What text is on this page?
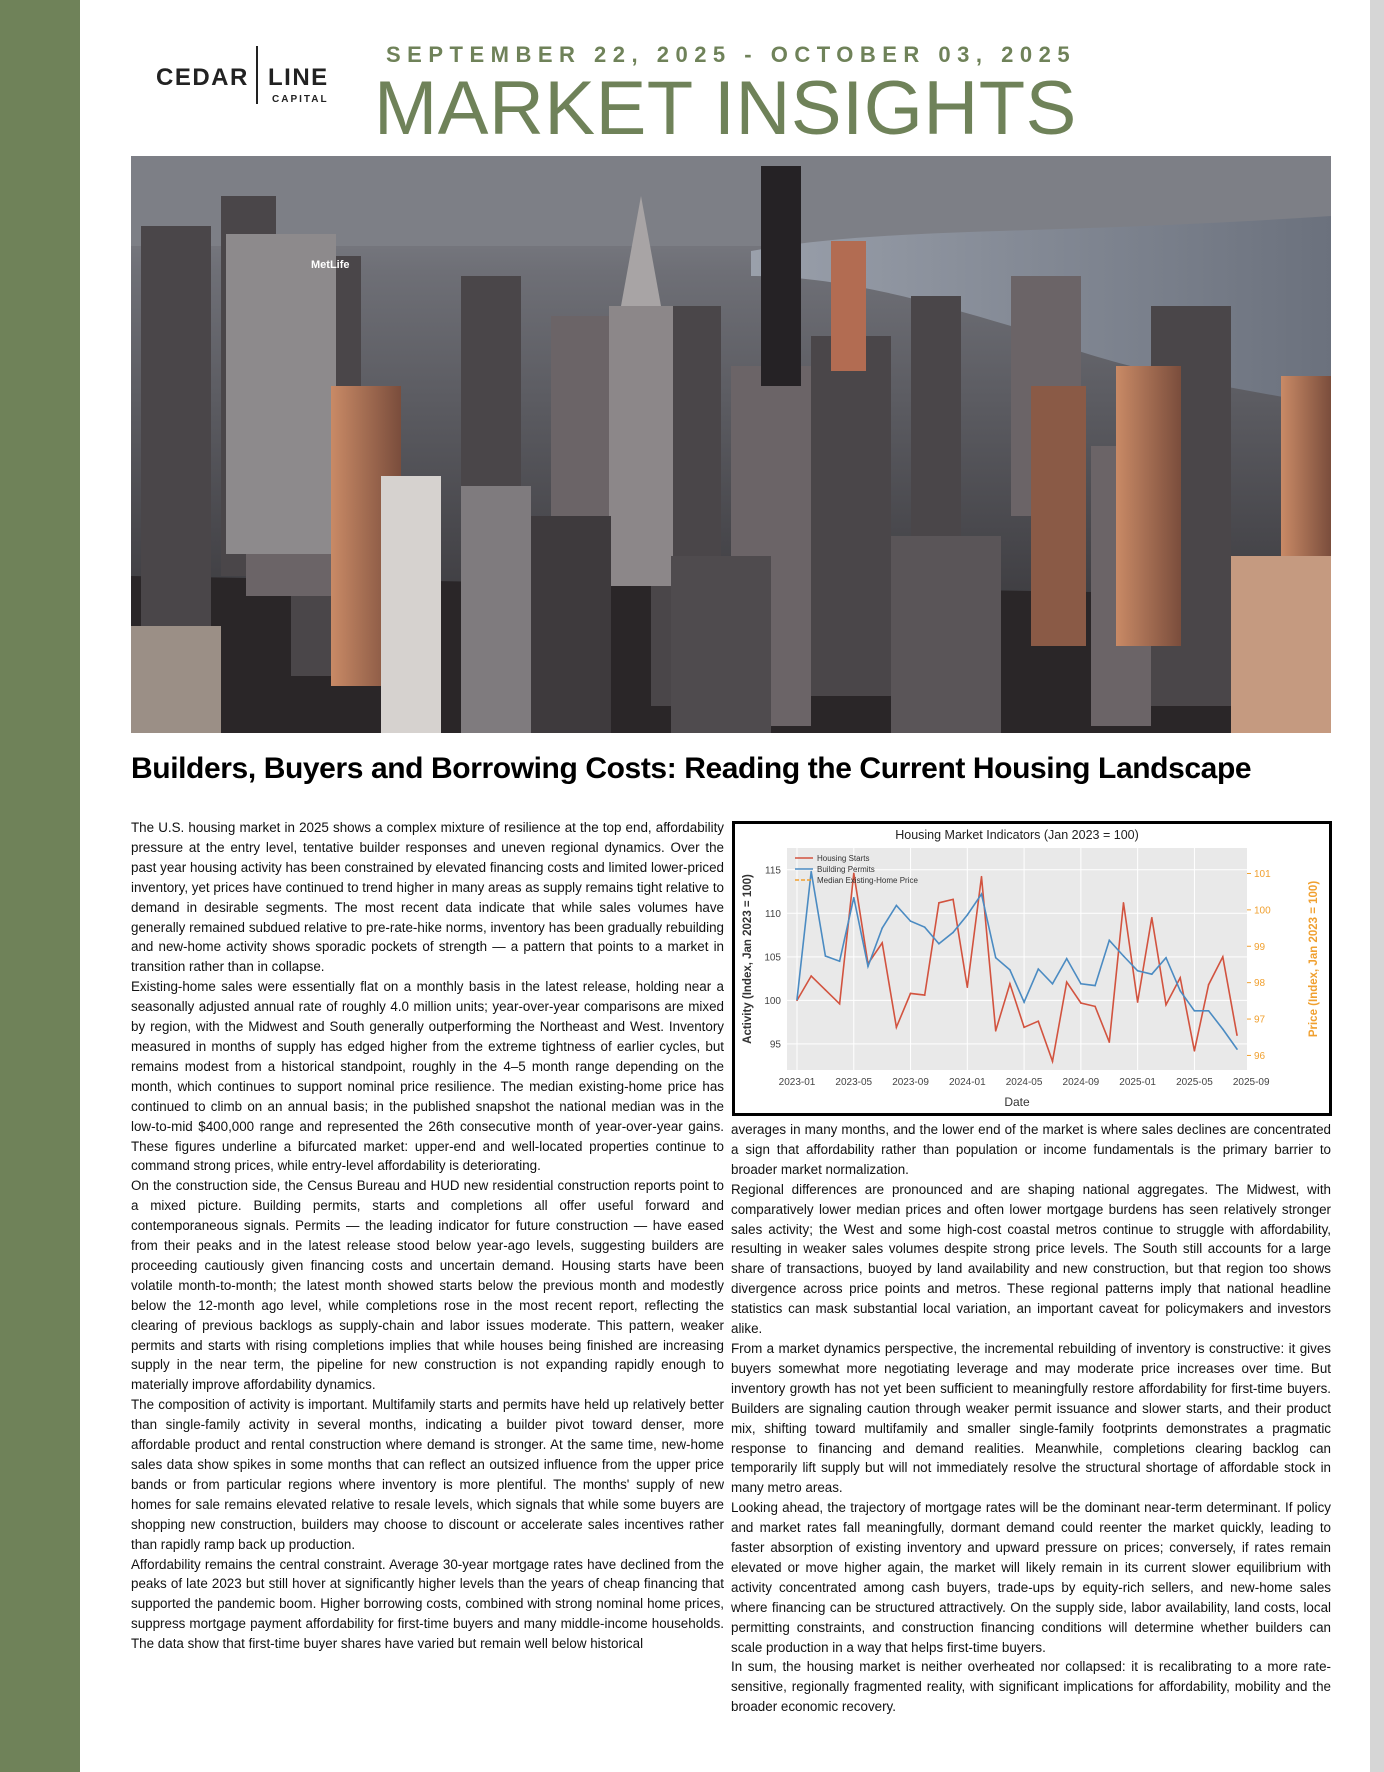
CEDAR LINE
CAPITAL
SEPTEMBER 22, 2025 - OCTOBER 03, 2025
MARKET INSIGHTS
MetLife
Builders, Buyers and Borrowing Costs: Reading the Current Housing Landscape

The U.S. housing market in 2025 shows a complex mixture of resilience at the top end, affordability pressure at the entry level, tentative builder responses and uneven regional dynamics. Over the past year housing activity has been constrained by elevated financing costs and limited lower-priced inventory, yet prices have continued to trend higher in many areas as supply remains tight relative to demand in desirable segments. The most recent data indicate that while sales volumes have generally remained subdued relative to pre-rate-hike norms, inventory has been gradually rebuilding and new-home activity shows sporadic pockets of strength — a pattern that points to a market in transition rather than in collapse.

Existing-home sales were essentially flat on a monthly basis in the latest release, holding near a seasonally adjusted annual rate of roughly 4.0 million units; year-over-year comparisons are mixed by region, with the Midwest and South generally outperforming the Northeast and West. Inventory measured in months of supply has edged higher from the extreme tightness of earlier cycles, but remains modest from a historical standpoint, roughly in the 4–5 month range depending on the month, which continues to support nominal price resilience. The median existing-home price has continued to climb on an annual basis; in the published snapshot the national median was in the low-to-mid $400,000 range and represented the 26th consecutive month of year-over-year gains. These figures underline a bifurcated market: upper-end and well-located properties continue to command strong prices, while entry-level affordability is deteriorating.

On the construction side, the Census Bureau and HUD new residential construction reports point to a mixed picture. Building permits, starts and completions all offer useful forward and contemporaneous signals. Permits — the leading indicator for future construction — have eased from their peaks and in the latest release stood below year-ago levels, suggesting builders are proceeding cautiously given financing costs and uncertain demand. Housing starts have been volatile month-to-month; the latest month showed starts below the previous month and modestly below the 12-month ago level, while completions rose in the most recent report, reflecting the clearing of previous backlogs as supply-chain and labor issues moderate. This pattern, weaker permits and starts with rising completions implies that while houses being finished are increasing supply in the near term, the pipeline for new construction is not expanding rapidly enough to materially improve affordability dynamics.

The composition of activity is important. Multifamily starts and permits have held up relatively better than single-family activity in several months, indicating a builder pivot toward denser, more affordable product and rental construction where demand is stronger. At the same time, new-home sales data show spikes in some months that can reflect an outsized influence from the upper price bands or from particular regions where inventory is more plentiful. The months' supply of new homes for sale remains elevated relative to resale levels, which signals that while some buyers are shopping new construction, builders may choose to discount or accelerate sales incentives rather than rapidly ramp back up production.

Affordability remains the central constraint. Average 30-year mortgage rates have declined from the peaks of late 2023 but still hover at significantly higher levels than the years of cheap financing that supported the pandemic boom. Higher borrowing costs, combined with strong nominal home prices, suppress mortgage payment affordability for first-time buyers and many middle-income households. The data show that first-time buyer shares have varied but remain well below historical

Housing Market Indicators (Jan 2023 = 100)
95
100
105
110
115
2023-01 2023-05 2023-09 2024-01 2024-05 2024-09 2025-01 2025-05 2025-09
96
97
98
99
100
101
Date
Activity (Index, Jan 2023 = 100)	Price (Index, Jan 2023 = 100)
Housing Starts
Building Permits
Median Existing-Home Price

averages in many months, and the lower end of the market is where sales declines are concentrated a sign that affordability rather than population or income fundamentals is the primary barrier to broader market normalization.

Regional differences are pronounced and are shaping national aggregates. The Midwest, with comparatively lower median prices and often lower mortgage burdens has seen relatively stronger sales activity; the West and some high-cost coastal metros continue to struggle with affordability, resulting in weaker sales volumes despite strong price levels. The South still accounts for a large share of transactions, buoyed by land availability and new construction, but that region too shows divergence across price points and metros. These regional patterns imply that national headline statistics can mask substantial local variation, an important caveat for policymakers and investors alike.

From a market dynamics perspective, the incremental rebuilding of inventory is constructive: it gives buyers somewhat more negotiating leverage and may moderate price increases over time. But inventory growth has not yet been sufficient to meaningfully restore affordability for first-time buyers. Builders are signaling caution through weaker permit issuance and slower starts, and their product mix, shifting toward multifamily and smaller single-family footprints demonstrates a pragmatic response to financing and demand realities. Meanwhile, completions clearing backlog can temporarily lift supply but will not immediately resolve the structural shortage of affordable stock in many metro areas.

Looking ahead, the trajectory of mortgage rates will be the dominant near-term determinant. If policy and market rates fall meaningfully, dormant demand could reenter the market quickly, leading to faster absorption of existing inventory and upward pressure on prices; conversely, if rates remain elevated or move higher again, the market will likely remain in its current slower equilibrium with activity concentrated among cash buyers, trade-ups by equity-rich sellers, and new-home sales where financing can be structured attractively. On the supply side, labor availability, land costs, local permitting constraints, and construction financing conditions will determine whether builders can scale production in a way that helps first-time buyers.

In sum, the housing market is neither overheated nor collapsed: it is recalibrating to a more rate-sensitive, regionally fragmented reality, with significant implications for affordability, mobility and the broader economic recovery.
